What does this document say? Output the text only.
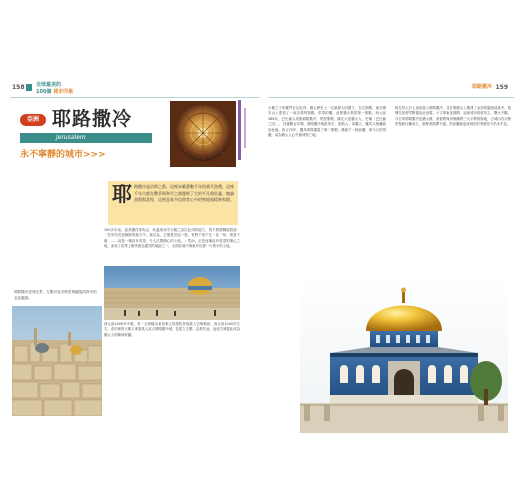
158 全球最美的
100個 城市印象
耶路撒冷 159
亞洲 耶路撒冷
Jerusalem
永不寧靜的城市>>>
耶 路撒冷是信仰之都，這裡承載著數千年的歲月洗禮，這座千年古都在戰爭與和平之間歷經了它的平凡與壯麗，無論悲傷與喜悅，這裡是眾多信仰者心中的聖地與精神家園。
100多年前，當美國作家馬克．吐溫來到今天稱之為以色列的地方，曾不無感慨地寫道：「在所有荒涼無際的地方中，我以為，它便是首屈一指，荒野千里不生一花一草，被毀不堪，……這是一塊沒有希望，令人沉悶傷心的土地。」然而，正是這塊沒有希望的傷心之地，卻成了世界上衝突最為激烈的地區之一，全面在地中海東岸佔據一片狹小的土地。
西元前2000年中葉，有一支被稱為希伯來人的游牧民族進入巴勒斯坦，西元前1000年左右，希伯來的大衛王率領族人攻占耶路撒冷城，並建立王國，定都於此，這座古城從此成為猶太人的精神家園。
耶路撒冷老城全景，左側可見各教堂與圓頂清真寺的金色圓頂。
大衛之子所羅門在以色列、猶太歷史上一位最偉大的國王，在位期間，他在錫安山上建造了一座宏偉的聖殿，供奉約櫃，此即猶太教的第一聖殿。西元前586年，巴比倫人攻陷耶路撒冷，焚毀聖殿，擄走大批猶太人，史稱「巴比倫之囚」。 其後數百年間，耶路撒冷幾經易手，波斯人、希臘人、羅馬人相繼統治此地。西元70年，羅馬軍隊摧毀了第二聖殿，僅留下一段西牆，即今日的哭牆，成為猶太人心中最神聖之地。
阿拉伯人於七世紀進入耶路撒冷，並在聖殿山上興建了金頂的圓頂清真寺，相傳先知穆罕默德由此登霄。十字軍東征期間，這座城市再度易主，戰火不斷。 今日的耶路撒冷是猶太教、基督教與伊斯蘭教三大宗教的聖地，古城內各宗教的聖跡比鄰而立，朝聖者絡繹不絕，然而圍繞這座城市的爭端至今仍未平息。
